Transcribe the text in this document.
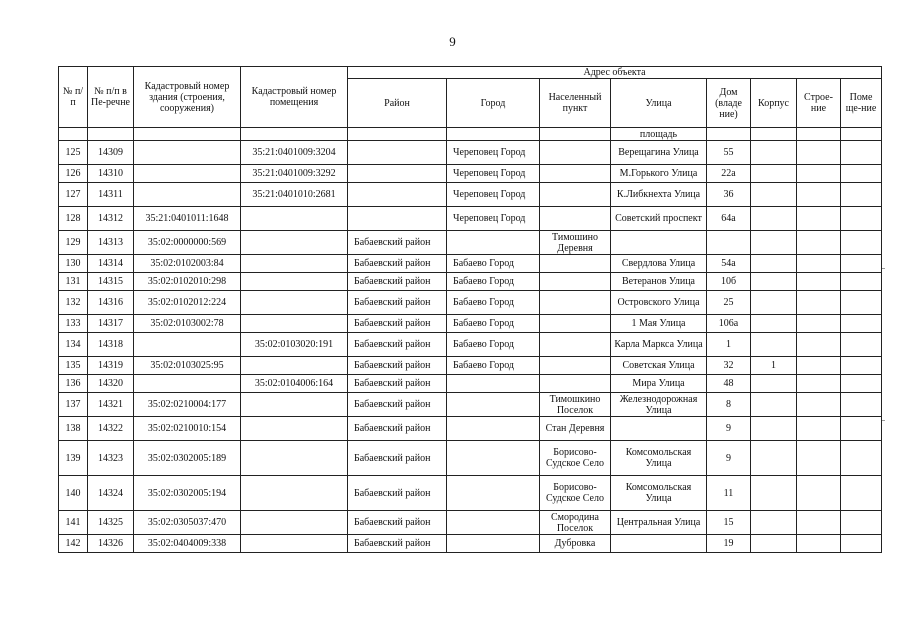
9
№ п/п	№ п/п в Пе-речне	Кадастровый номер здания (строения, сооружения)	Кадастровый номер помещения	Адрес объекта							
				Район	Город	Населенный пункт	Улица	Дом (владе ние)	Корпус	Строе-ние	Поме ще-ние
							площадь				
125	14309		35:21:0401009:3204		Череповец Город		Верещагина Улица	55			
126	14310		35:21:0401009:3292		Череповец Город		М.Горького Улица	22а			
127	14311		35:21:0401010:2681		Череповец Город		К.Либкнехта Улица	36			
128	14312	35:21:0401011:1648			Череповец Город		Советский проспект	64а			
129	14313	35:02:0000000:569		Бабаевский район		Тимошино Деревня					
130	14314	35:02:0102003:84		Бабаевский район	Бабаево Город		Свердлова Улица	54а			
131	14315	35:02:0102010:298		Бабаевский район	Бабаево Город		Ветеранов Улица	10б			
132	14316	35:02:0102012:224		Бабаевский район	Бабаево Город		Островского Улица	25			
133	14317	35:02:0103002:78		Бабаевский район	Бабаево Город		1 Мая Улица	106а			
134	14318		35:02:0103020:191	Бабаевский район	Бабаево Город		Карла Маркса Улица	1			
135	14319	35:02:0103025:95		Бабаевский район	Бабаево Город		Советская Улица	32	1		
136	14320		35:02:0104006:164	Бабаевский район			Мира Улица	48			
137	14321	35:02:0210004:177		Бабаевский район		Тимошкино Поселок	Железнодорожная Улица	8			
138	14322	35:02:0210010:154		Бабаевский район		Стан Деревня		9			
139	14323	35:02:0302005:189		Бабаевский район		Борисово-Судское Село	Комсомольская Улица	9			
140	14324	35:02:0302005:194		Бабаевский район		Борисово-Судское Село	Комсомольская Улица	11			
141	14325	35:02:0305037:470		Бабаевский район		Смородина Поселок	Центральная Улица	15			
142	14326	35:02:0404009:338		Бабаевский район		Дубровка		19			
